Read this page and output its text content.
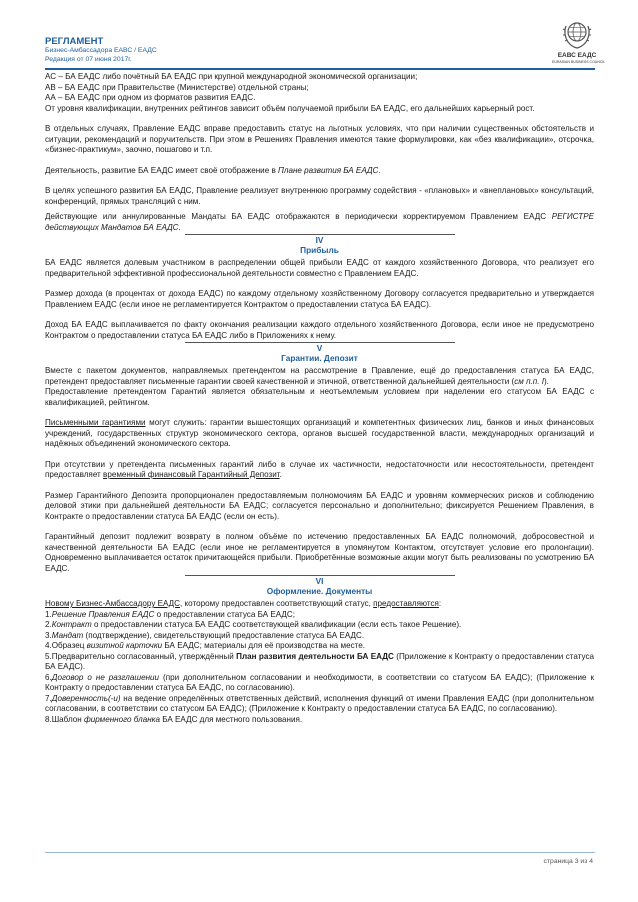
РЕГЛАМЕНТ
Бизнес-Амбассадора ЕАВС / ЕАДС
Редакция от 07 июня 2017г.
ЕАВС ЕАДС
EURASIAN BUSINESS COUNCIL

АС – БА ЕАДС либо почётный БА ЕАДС при крупной международной экономической организации;

АВ – БА ЕАДС при Правительстве (Министерстве) отдельной страны;

АА – БА ЕАДС при одном из форматов развития ЕАДС.

От уровня квалификации, внутренних рейтингов зависит объём получаемой прибыли БА ЕАДС, его дальнейших карьерный рост.

В отдельных случаях, Правление ЕАДС вправе предоставить статус на льготных условиях, что при наличии существенных обстоятельств и ситуации, рекомендаций и поручительств. При этом в Решениях Правления имеются такие формулировки, как «без квалификации», отсрочка, «бизнес-практикум», заочно, пошагово и т.п.

Деятельность, развитие БА ЕАДС имеет своё отображение в Плане развития БА ЕАДС.

В целях успешного развития БА ЕАДС, Правление реализует внутреннюю программу содействия - «плановых» и «внеплановых» консультаций, конференций, прямых трансляций с ним.

Действующие или аннулированные Мандаты БА ЕАДС отображаются в периодически корректируемом Правлением ЕАДС РЕГИСТРЕ действующих Мандатов БА ЕАДС.

IV
Прибыль

БА ЕАДС является долевым участником в распределении общей прибыли ЕАДС от каждого хозяйственного Договора, что реализует его предварительной эффективной профессиональной деятельности совместно с Правлением ЕАДС.

Размер дохода (в процентах от дохода ЕАДС) по каждому отдельному хозяйственному Договору согласуется предварительно и утверждается Правлением ЕАДС (если иное не регламентируется Контрактом о предоставлении статуса БА ЕАДС).

Доход БА ЕАДС выплачивается по факту окончания реализации каждого отдельного хозяйственного Договора, если иное не предусмотрено Контрактом о предоставлении статуса БА ЕАДС либо в Приложениях к нему.

V
Гарантии. Депозит

Вместе с пакетом документов, направляемых претендентом на рассмотрение в Правление, ещё до предоставления статуса БА ЕАДС, претендент предоставляет письменные гарантии своей качественной и этичной, ответственной дальнейшей деятельности (см п.п. I).

Предоставление претендентом Гарантий является обязательным и неотъемлемым условием при наделении его статусом БА ЕАДС с квалификацией, рейтингом.

Письменными гарантиями могут служить: гарантии вышестоящих организаций и компетентных физических лиц, банков и иных финансовых учреждений, государственных структур экономического сектора, органов высшей государственной власти, международных организаций и надёжных объединений экономического сектора.

При отсутствии у претендента письменных гарантий либо в случае их частичности, недостаточности или несостоятельности, претендент предоставляет временный финансовый Гарантийный Депозит.

Размер Гарантийного Депозита пропорционален предоставляемым полномочиям БА ЕАДС и уровням коммерческих рисков и соблюдению деловой этики при дальнейшей деятельности БА ЕАДС; согласуется персонально и дополнительно; фиксируется Решением Правления, в Контракте о предоставлении статуса БА ЕАДС (если он есть).

Гарантийный депозит подлежит возврату в полном объёме по истечению предоставленных БА ЕАДС полномочий, добросовестной и качественной деятельности БА ЕАДС (если иное не регламентируется в упомянутом Контактом, отсутствует условие его пролонгации). Одновременно выплачивается остаток причитающейся прибыли. Приобретённые возможные акции могут быть реализованы по усмотрению БА ЕАДС.

VI
Оформление. Документы

Новому Бизнес-Амбассадору ЕАДС, которому предоставлен соответствующий статус, предоставляются:

1.Решение Правления ЕАДС о предоставлении статуса БА ЕАДС;

2.Контракт о предоставлении статуса БА ЕАДС соответствующей квалификации (если есть такое Решение).

3.Мандат (подтверждение), свидетельствующий предоставление статуса БА ЕАДС.

4.Образец визитной карточки БА ЕАДС; материалы для её производства на месте.

5.Предварительно согласованный, утверждённый План развития деятельности БА ЕАДС (Приложение к Контракту о предоставлении статуса БА ЕАДС).

6.Договор о не разглашении (при дополнительном согласовании и необходимости, в соответствии со статусом БА ЕАДС); (Приложение к Контракту о предоставлении статуса БА ЕАДС, по согласованию).

7.Доверенность(-и) на ведение определённых ответственных действий, исполнения функций от имени Правления ЕАДС (при дополнительном согласовании, в соответствии со статусом БА ЕАДС); (Приложение к Контракту о предоставлении статуса БА ЕАДС, по согласованию).

8.Шаблон фирменного бланка БА ЕАДС для местного пользования.

страница 3 из 4
